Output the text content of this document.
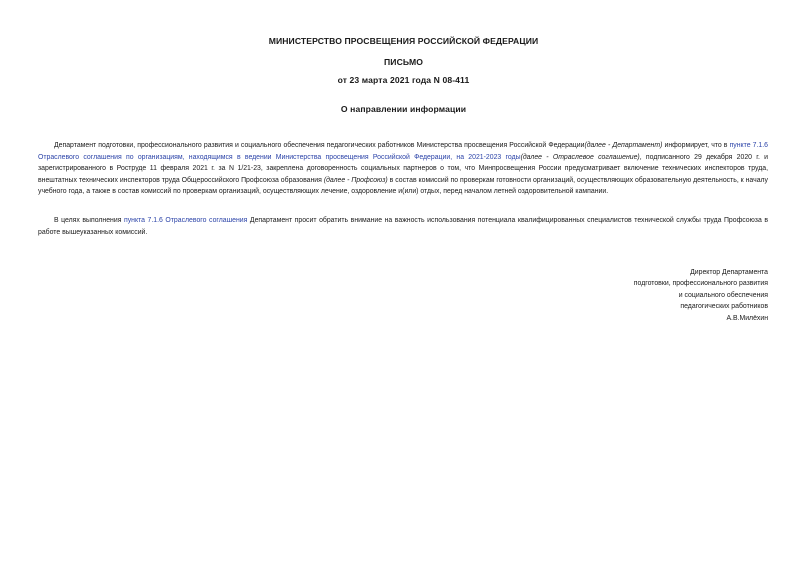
МИНИСТЕРСТВО ПРОСВЕЩЕНИЯ РОССИЙСКОЙ ФЕДЕРАЦИИ
ПИСЬМО
от 23 марта 2021 года N 08-411
О направлении информации

Департамент подготовки, профессионального развития и социального обеспечения педагогических работников Министерства просвещения Российской Федерации(далее - Департамент) информирует, что в пункте 7.1.6 Отраслевого соглашения по организациям, находящимся в ведении Министерства просвещения Российской Федерации, на 2021-2023 годы(далее - Отраслевое соглашение), подписанного 29 декабря 2020 г. и зарегистрированного в Роструде 11 февраля 2021 г. за N 1/21-23, закреплена договоренность социальных партнеров о том, что Минпросвещения России предусматривает включение технических инспекторов труда, внештатных технических инспекторов труда Общероссийского Профсоюза образования (далее - Профсоюз) в состав комиссий по проверкам готовности организаций, осуществляющих образовательную деятельность, к началу учебного года, а также в состав комиссий по проверкам организаций, осуществляющих лечение, оздоровление и(или) отдых, перед началом летней оздоровительной кампании.

В целях выполнения пункта 7.1.6 Отраслевого соглашения Департамент просит обратить внимание на важность использования потенциала квалифицированных специалистов технической службы труда Профсоюза в работе вышеуказанных комиссий.

Директор Департамента
подготовки, профессионального развития
и социального обеспечения
педагогических работников
А.В.Милёхин
